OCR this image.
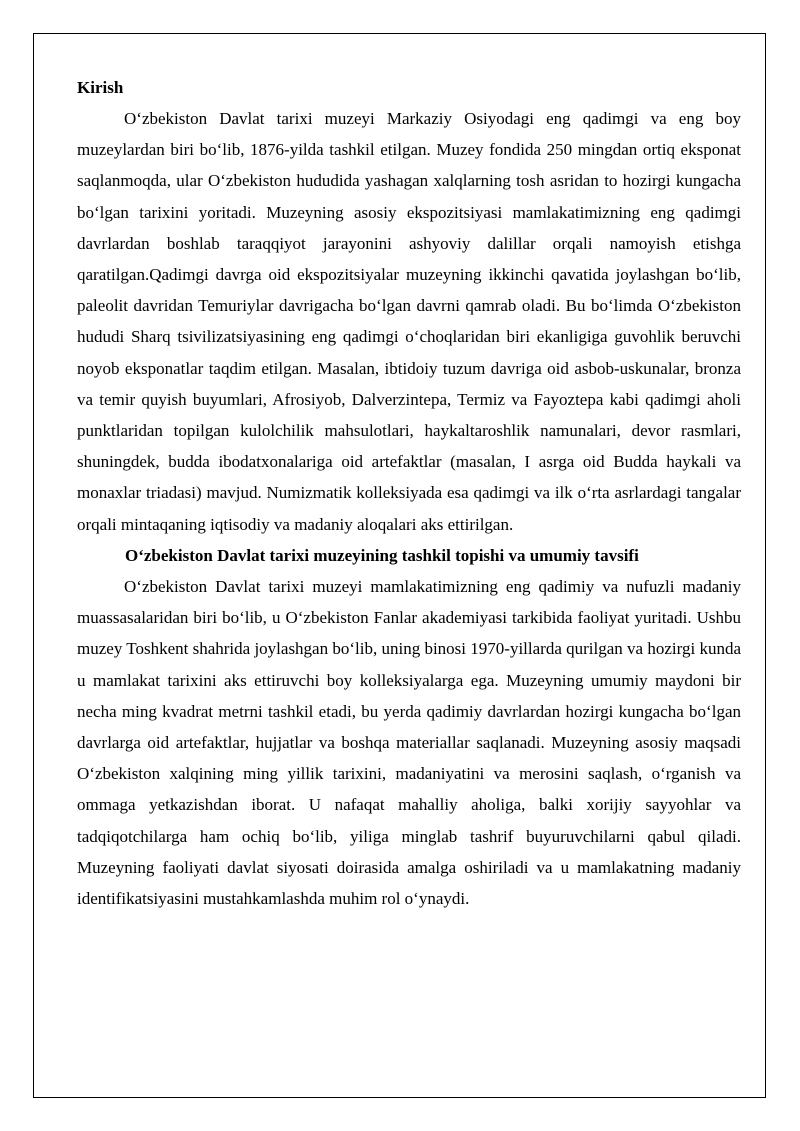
Kirish

O‘zbekiston Davlat tarixi muzeyi Markaziy Osiyodagi eng qadimgi va eng boy muzeylardan biri bo‘lib, 1876-yilda tashkil etilgan. Muzey fondida 250 mingdan ortiq eksponat saqlanmoqda, ular O‘zbekiston hududida yashagan xalqlarning tosh asridan to hozirgi kungacha bo‘lgan tarixini yoritadi. Muzeyning asosiy ekspozitsiyasi mamlakatimizning eng qadimgi davrlardan boshlab taraqqiyot jarayonini ashyoviy dalillar orqali namoyish etishga qaratilgan.Qadimgi davrga oid ekspozitsiyalar muzeyning ikkinchi qavatida joylashgan bo‘lib, paleolit davridan Temuriylar davrigacha bo‘lgan davrni qamrab oladi. Bu bo‘limda O‘zbekiston hududi Sharq tsivilizatsiyasining eng qadimgi o‘choqlaridan biri ekanligiga guvohlik beruvchi noyob eksponatlar taqdim etilgan. Masalan, ibtidoiy tuzum davriga oid asbob-uskunalar, bronza va temir quyish buyumlari, Afrosiyob, Dalverzintepa, Termiz va Fayoztepa kabi qadimgi aholi punktlaridan topilgan kulolchilik mahsulotlari, haykaltaroshlik namunalari, devor rasmlari, shuningdek, budda ibodatxonalariga oid artefaktlar (masalan, I asrga oid Budda haykali va monaxlar triadasi) mavjud. Numizmatik kolleksiyada esa qadimgi va ilk o‘rta asrlardagi tangalar orqali mintaqaning iqtisodiy va madaniy aloqalari aks ettirilgan.

O‘zbekiston Davlat tarixi muzeyining tashkil topishi va umumiy tavsifi

O‘zbekiston Davlat tarixi muzeyi mamlakatimizning eng qadimiy va nufuzli madaniy muassasalaridan biri bo‘lib, u O‘zbekiston Fanlar akademiyasi tarkibida faoliyat yuritadi. Ushbu muzey Toshkent shahrida joylashgan bo‘lib, uning binosi 1970-yillarda qurilgan va hozirgi kunda u mamlakat tarixini aks ettiruvchi boy kolleksiyalarga ega. Muzeyning umumiy maydoni bir necha ming kvadrat metrni tashkil etadi, bu yerda qadimiy davrlardan hozirgi kungacha bo‘lgan davrlarga oid artefaktlar, hujjatlar va boshqa materiallar saqlanadi. Muzeyning asosiy maqsadi O‘zbekiston xalqining ming yillik tarixini, madaniyatini va merosini saqlash, o‘rganish va ommaga yetkazishdan iborat. U nafaqat mahalliy aholiga, balki xorijiy sayyohlar va tadqiqotchilarga ham ochiq bo‘lib, yiliga minglab tashrif buyuruvchilarni qabul qiladi. Muzeyning faoliyati davlat siyosati doirasida amalga oshiriladi va u mamlakatning madaniy identifikatsiyasini mustahkamlashda muhim rol o‘ynaydi.
